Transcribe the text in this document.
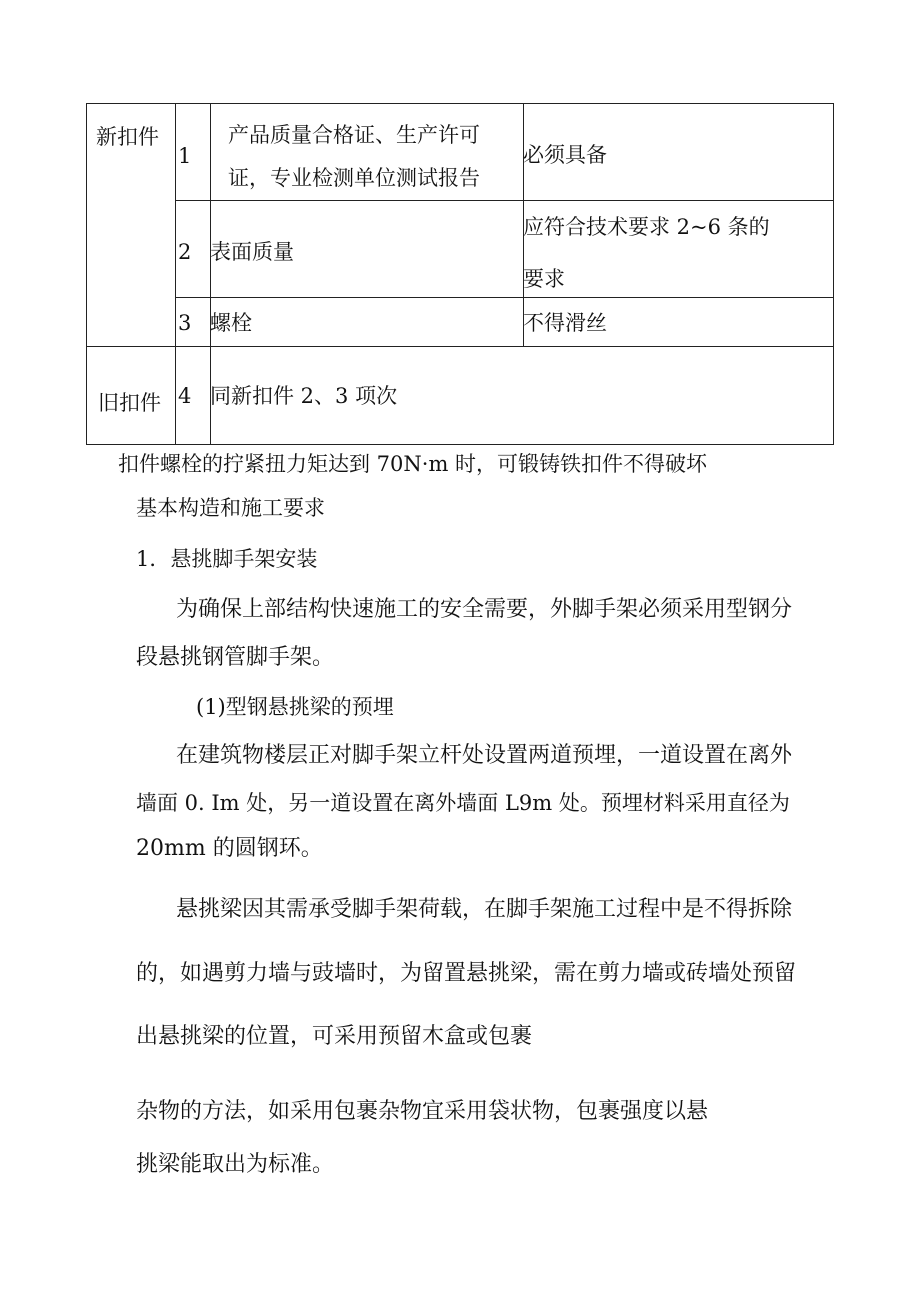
新扣件
旧扣件
1
产品质量合格证、生产许可
证，专业检测单位测试报告
必须具备
2 表面质量
应符合技术要求 2~6 条的
要求
3 螺栓	不得滑丝
4 同新扣件 2、3 项次
扣件螺栓的拧紧扭力矩达到 70N·m 时，可锻铸铁扣件不得破坏
基本构造和施工要求
1．悬挑脚手架安装
为确保上部结构快速施工的安全需要，外脚手架必须采用型钢分
段悬挑钢管脚手架。
(1)型钢悬挑梁的预埋
在建筑物楼层正对脚手架立杆处设置两道预埋，一道设置在离外
墙面 0. Im 处，另一道设置在离外墙面 L9m 处。预埋材料采用直径为
20mm 的圆钢环。
悬挑梁因其需承受脚手架荷载，在脚手架施工过程中是不得拆除
的，如遇剪力墙与豉墙时，为留置悬挑梁，需在剪力墙或砖墙处预留
出悬挑梁的位置，可采用预留木盒或包裹
杂物的方法，如采用包裹杂物宜采用袋状物，包裹强度以悬
挑梁能取出为标准。
